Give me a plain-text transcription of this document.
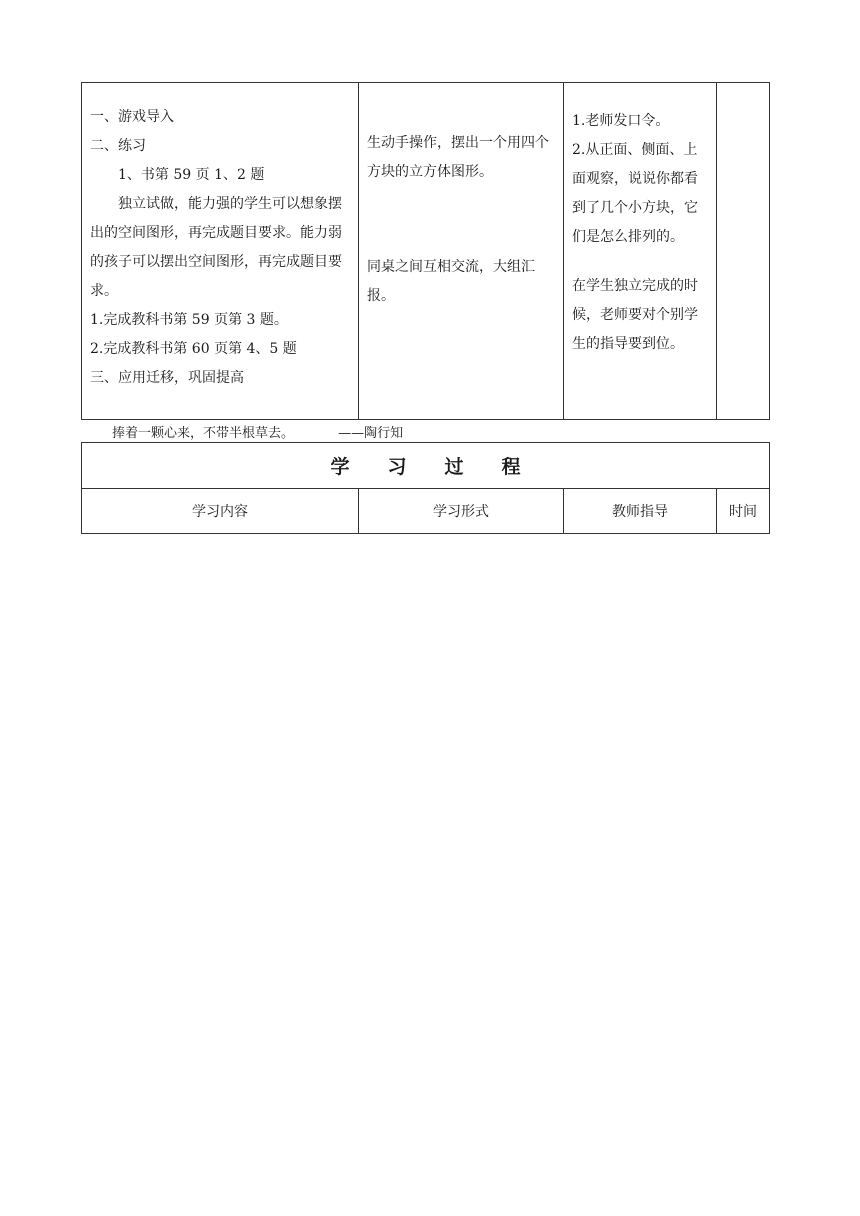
一、游戏导入
二、练习
1、书第 59 页 1、2 题
独立试做，能力强的学生可以想象摆出的空间图形，再完成题目要求。能力弱的孩子可以摆出空间图形，再完成题目要求。
1.完成教科书第 59 页第 3 题。
2.完成教科书第 60 页第 4、5 题
三、应用迁移，巩固提高

生动手操作，摆出一个用四个方块的立方体图形。
同桌之间互相交流，大组汇报。

1.老师发口令。
2.从正面、侧面、上面观察，说说你都看到了几个小方块，它们是怎么排列的。
在学生独立完成的时候，老师要对个别学生的指导要到位。

捧着一颗心来，不带半根草去。	——陶行知
学习过程
学习内容	学习形式	教师指导	时间
